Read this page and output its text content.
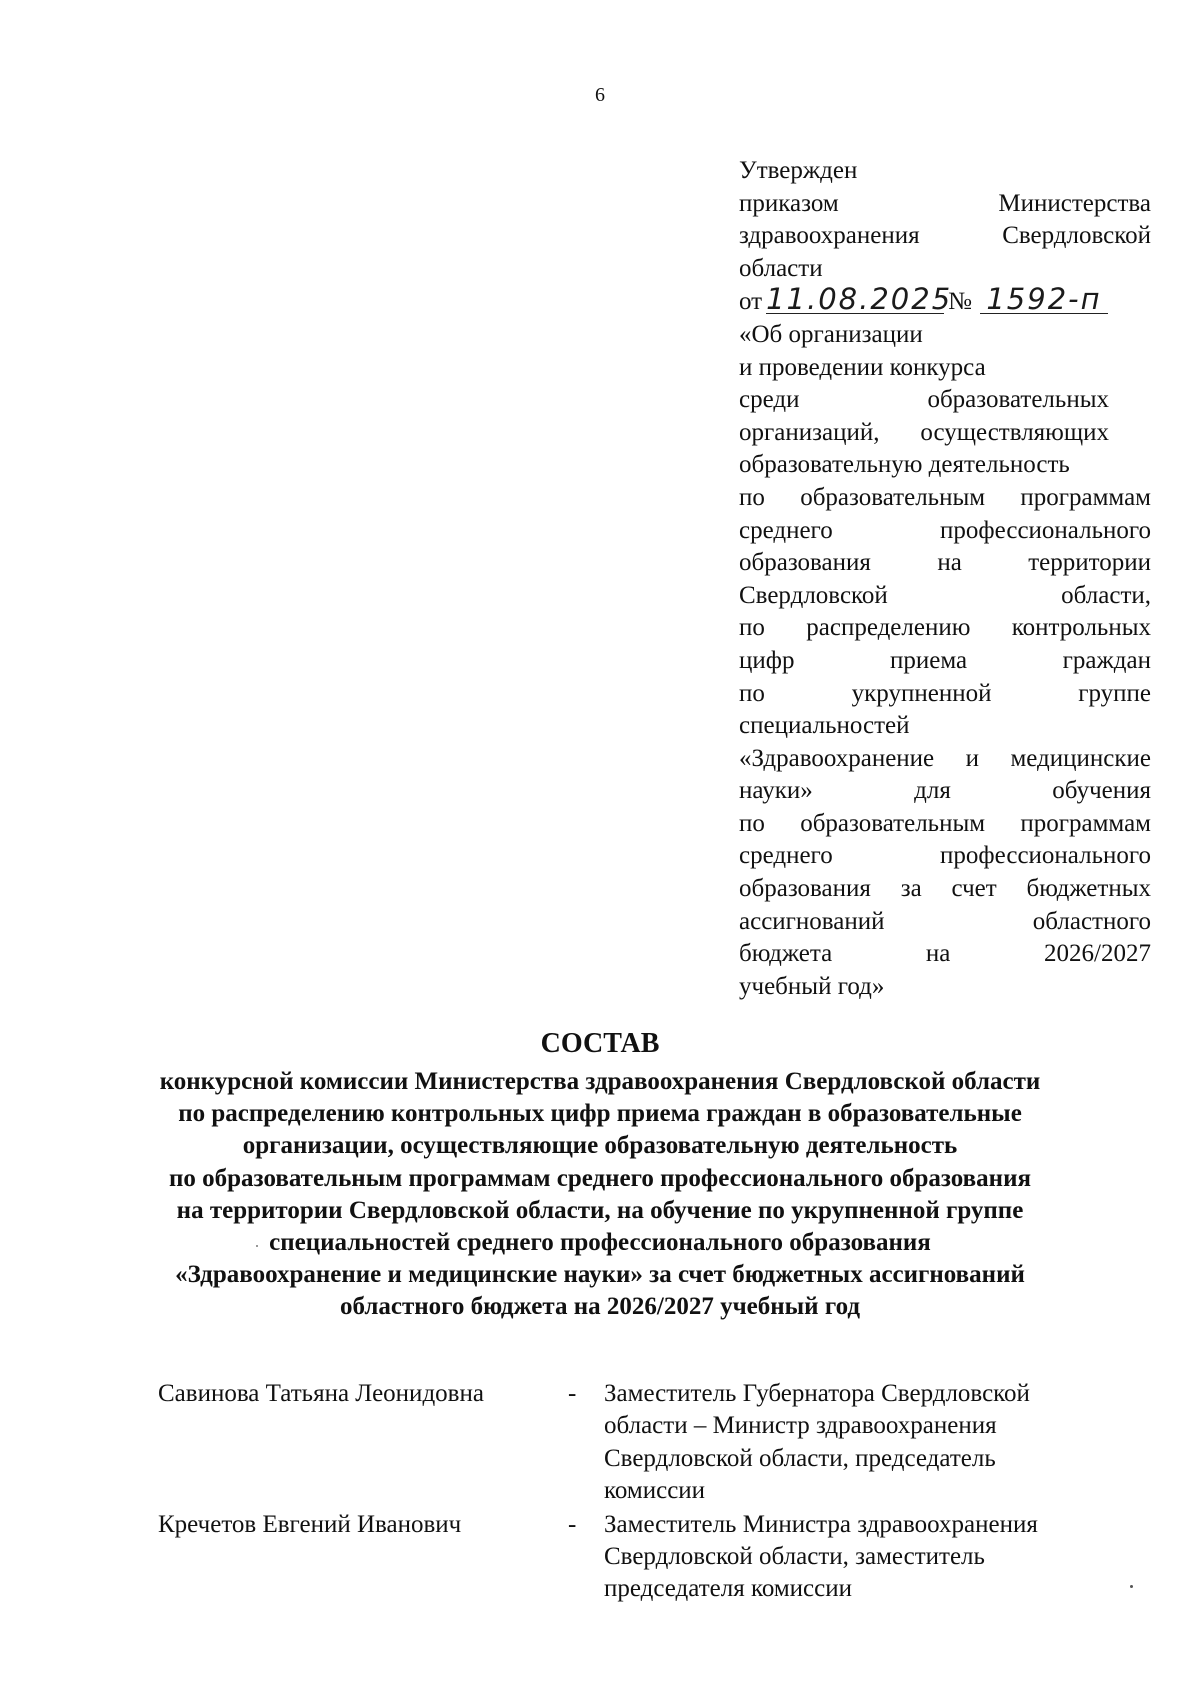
6
Утвержден
приказом Министерства
здравоохранения Свердловской
области
от 11.08.2025№ 1592-п
«Об организации
и проведении конкурса
среди образовательных
организаций, осуществляющих
образовательную деятельность
по образовательным программам
среднего профессионального
образования на территории
Свердловской области,
по распределению контрольных
цифр приема граждан
по укрупненной группе
специальностей
«Здравоохранение и медицинские
науки» для обучения
по образовательным программам
среднего профессионального
образования за счет бюджетных
ассигнований областного
бюджета на 2026/2027
учебный год»
СОСТАВ
конкурсной комиссии Министерства здравоохранения Свердловской области
по распределению контрольных цифр приема граждан в образовательные
организации, осуществляющие образовательную деятельность
по образовательным программам среднего профессионального образования
на территории Свердловской области, на обучение по укрупненной группе
специальностей среднего профессионального образования
«Здравоохранение и медицинские науки» за счет бюджетных ассигнований
областного бюджета на 2026/2027 учебный год
Савинова Татьяна Леонидовна	-	Заместитель Губернатора Свердловской
области – Министр здравоохранения
Свердловской области, председатель
комиссии
Кречетов Евгений Иванович	-	Заместитель Министра здравоохранения
Свердловской области, заместитель
председателя комиссии
